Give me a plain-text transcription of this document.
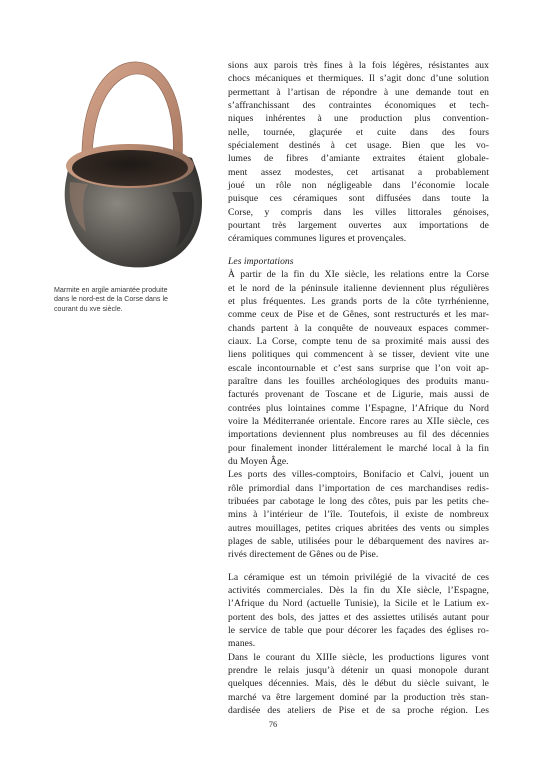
Marmite en argile amiantée produite
dans le nord-est de la Corse dans le
courant du xve siècle.
sions aux parois très fines à la fois légères, résistantes aux
chocs mécaniques et thermiques. Il s’agit donc d’une solution
permettant à l’artisan de répondre à une demande tout en
s’affranchissant des contraintes économiques et tech-
niques inhérentes à une production plus convention-
nelle, tournée, glaçurée et cuite dans des fours
spécialement destinés à cet usage. Bien que les vo-
lumes de fibres d’amiante extraites étaient globale-
ment assez modestes, cet artisanat a probablement
joué un rôle non négligeable dans l’économie locale
puisque ces céramiques sont diffusées dans toute la
Corse, y compris dans les villes littorales génoises,
pourtant très largement ouvertes aux importations de
céramiques communes ligures et provençales.
Les importations
À partir de la fin du XIe siècle, les relations entre la Corse
et le nord de la péninsule italienne deviennent plus régulières
et plus fréquentes. Les grands ports de la côte tyrrhénienne,
comme ceux de Pise et de Gênes, sont restructurés et les mar-
chands partent à la conquête de nouveaux espaces commer-
ciaux. La Corse, compte tenu de sa proximité mais aussi des
liens politiques qui commencent à se tisser, devient vite une
escale incontournable et c’est sans surprise que l’on voit ap-
paraître dans les fouilles archéologiques des produits manu-
facturés provenant de Toscane et de Ligurie, mais aussi de
contrées plus lointaines comme l’Espagne, l’Afrique du Nord
voire la Méditerranée orientale. Encore rares au XIIe siècle, ces
importations deviennent plus nombreuses au fil des décennies
pour finalement inonder littéralement le marché local à la fin
du Moyen Âge.
Les ports des villes-comptoirs, Bonifacio et Calvi, jouent un
rôle primordial dans l’importation de ces marchandises redis-
tribuées par cabotage le long des côtes, puis par les petits che-
mins à l’intérieur de l’île. Toutefois, il existe de nombreux
autres mouillages, petites criques abritées des vents ou simples
plages de sable, utilisées pour le débarquement des navires ar-
rivés directement de Gênes ou de Pise.
La céramique est un témoin privilégié de la vivacité de ces
activités commerciales. Dès la fin du XIe siècle, l’Espagne,
l’Afrique du Nord (actuelle Tunisie), la Sicile et le Latium ex-
portent des bols, des jattes et des assiettes utilisés autant pour
le service de table que pour décorer les façades des églises ro-
manes.
Dans le courant du XIIIe siècle, les productions ligures vont
prendre le relais jusqu’à détenir un quasi monopole durant
quelques décennies. Mais, dès le début du siècle suivant, le
marché va être largement dominé par la production très stan-
dardisée des ateliers de Pise et de sa proche région. Les
76
